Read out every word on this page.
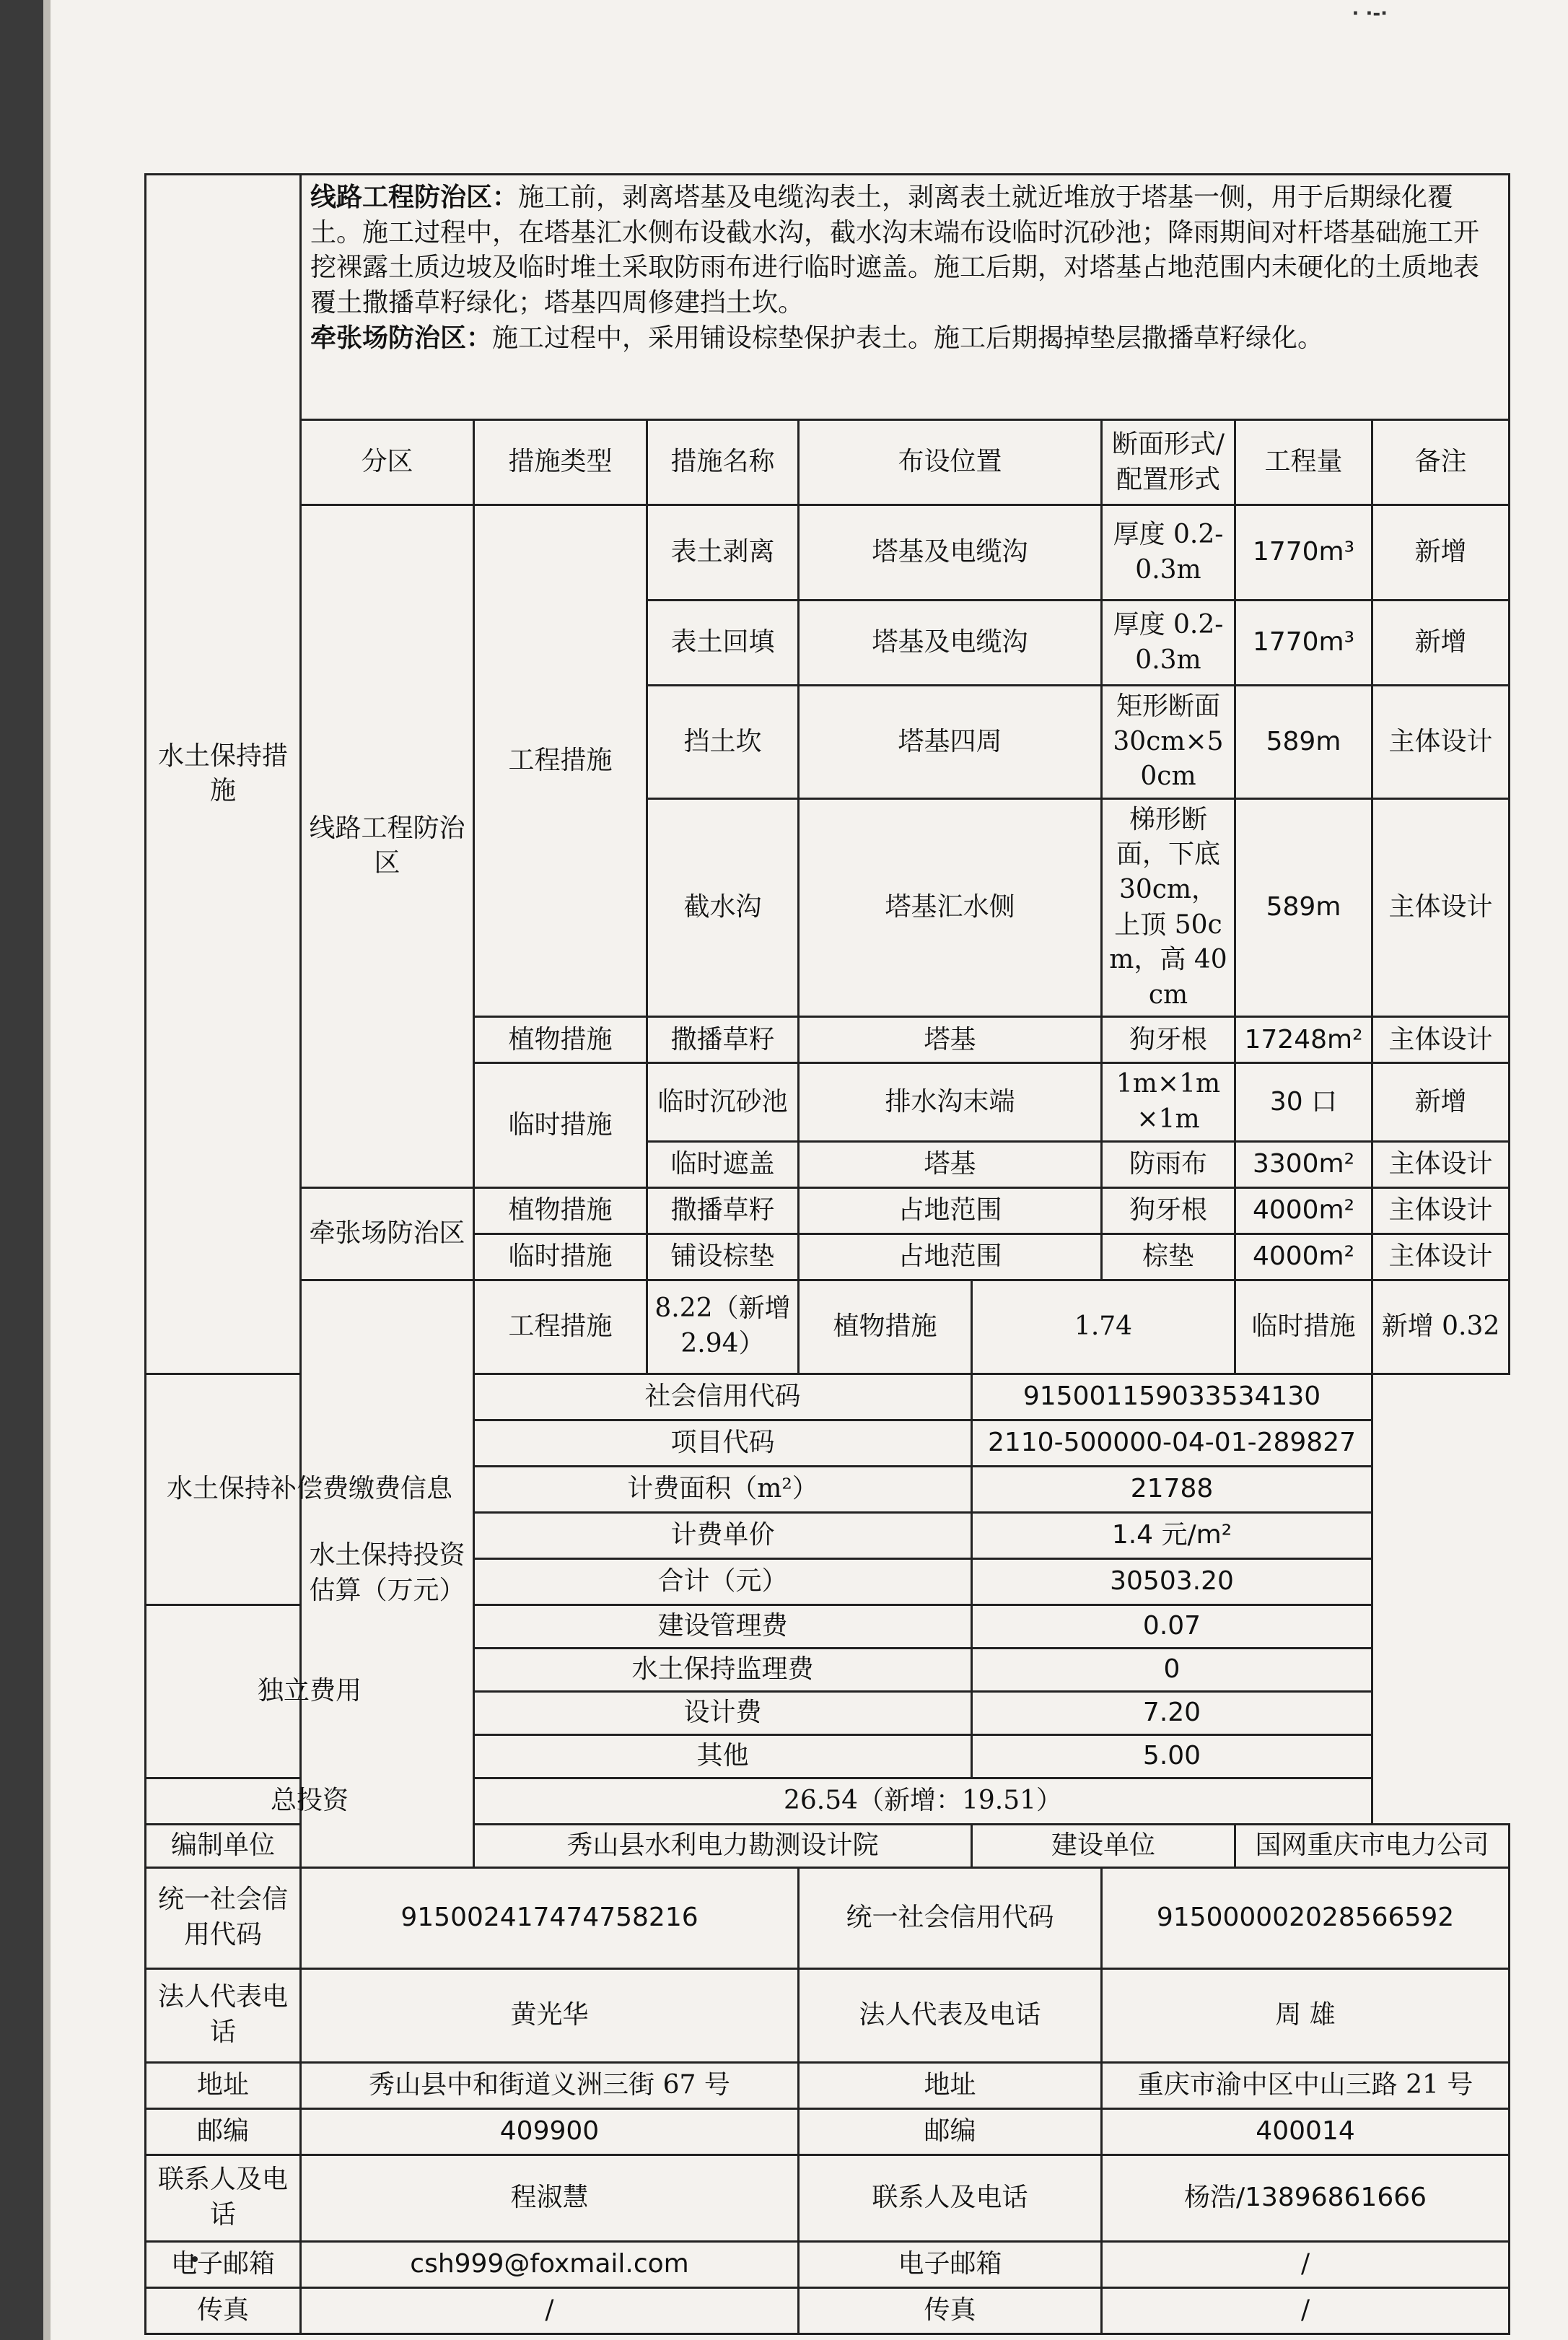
· ·-·
水土保持措施	线路工程防治区：施工前，剥离塔基及电缆沟表土，剥离表土就近堆放于塔基一侧，用于后期绿化覆土。施工过程中，在塔基汇水侧布设截水沟，截水沟末端布设临时沉砂池；降雨期间对杆塔基础施工开挖裸露土质边坡及临时堆土采取防雨布进行临时遮盖。施工后期，对塔基占地范围内未硬化的土质地表覆土撒播草籽绿化；塔基四周修建挡土坎。
牵张场防治区：施工过程中，采用铺设棕垫保护表土。施工后期揭掉垫层撒播草籽绿化。							
	分区	措施类型	措施名称	布设位置		断面形式/配置形式	工程量	备注
	线路工程防治区	工程措施	表土剥离	塔基及电缆沟		厚度 0.2-0.3m	1770m³	新增
			表土回填	塔基及电缆沟		厚度 0.2-0.3m	1770m³	新增
			挡土坎	塔基四周		矩形断面 30cm×50cm	589m	主体设计
			截水沟	塔基汇水侧		梯形断面，下底 30cm，上顶 50cm，高 40cm	589m	主体设计
		植物措施	撒播草籽	塔基		狗牙根	17248m²	主体设计
		临时措施	临时沉砂池	排水沟末端		1m×1m×1m	30 口	新增
			临时遮盖	塔基		防雨布	3300m²	主体设计
	牵张场防治区	植物措施	撒播草籽	占地范围		狗牙根	4000m²	主体设计
		临时措施	铺设棕垫	占地范围		棕垫	4000m²	主体设计
	水土保持投资估算（万元）	工程措施	8.22（新增 2.94）	植物措施	1.74		临时措施	新增 0.32
水土保持补偿费缴费信息		社会信用代码			915001159033534130			
		项目代码			2110-500000-04-01-289827			
		计费面积（m²）			21788			
		计费单价			1.4 元/m²			
		合计（元）			30503.20			
独立费用		建设管理费			0.07			
		水土保持监理费			0			
		设计费			7.20			
		其他			5.00			
总投资		26.54（新增：19.51）						
编制单位		秀山县水利电力勘测设计院			建设单位		国网重庆市电力公司	
统一社会信用代码	915002417474758216			统一社会信用代码		915000002028566592		
法人代表电话	黄光华			法人代表及电话		周 雄		
地址	秀山县中和街道义洲三街 67 号			地址		重庆市渝中区中山三路 21 号		
邮编	409900			邮编		400014		
联系人及电话	程淑慧			联系人及电话		杨浩/13896861666		
电子邮箱	csh999@foxmail.com			电子邮箱		/		
传真	/			传真		/		
